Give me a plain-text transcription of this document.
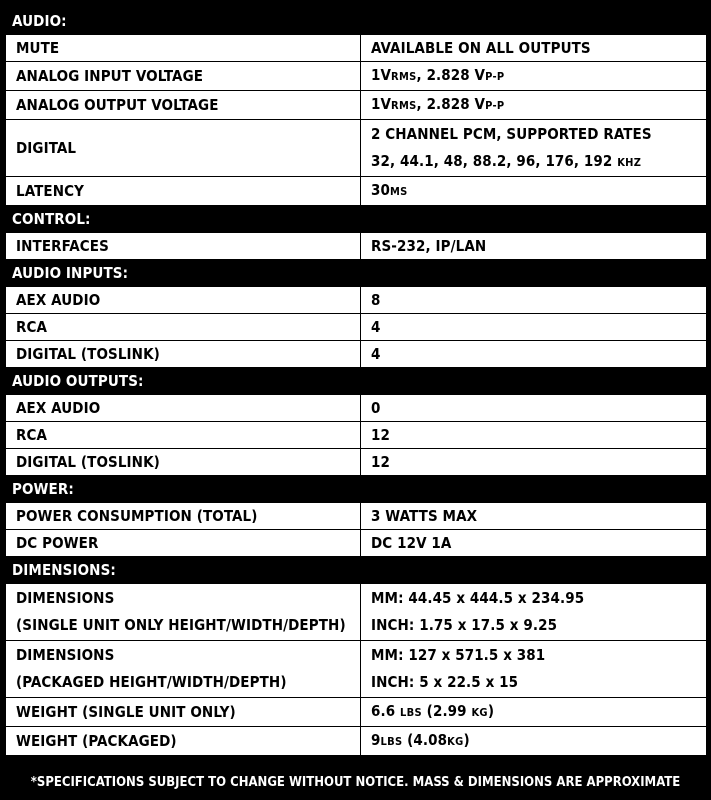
AUDIO:	
MUTE	AVAILABLE ON ALL OUTPUTS
ANALOG INPUT VOLTAGE	1VRMS, 2.828 VP-P
ANALOG OUTPUT VOLTAGE	1VRMS, 2.828 VP-P
DIGITAL	2 CHANNEL PCM, SUPPORTED RATES
32, 44.1, 48, 88.2, 96, 176, 192 KHZ
LATENCY	30MS
CONTROL:	
INTERFACES	RS-232, IP/LAN
AUDIO INPUTS:	
AEX AUDIO	8
RCA	4
DIGITAL (TOSLINK)	4
AUDIO OUTPUTS:	
AEX AUDIO	0
RCA	12
DIGITAL (TOSLINK)	12
POWER:	
POWER CONSUMPTION (TOTAL)	3 WATTS MAX
DC POWER	DC 12V 1A
DIMENSIONS:	
DIMENSIONS
(SINGLE UNIT ONLY HEIGHT/WIDTH/DEPTH)	MM: 44.45 x 444.5 x 234.95
INCH: 1.75 x 17.5 x 9.25
DIMENSIONS
(PACKAGED HEIGHT/WIDTH/DEPTH)	MM: 127 x 571.5 x 381
INCH: 5 x 22.5 x 15
WEIGHT (SINGLE UNIT ONLY)	6.6 LBS (2.99 KG)
WEIGHT (PACKAGED)	9LBS (4.08KG)
*SPECIFICATIONS SUBJECT TO CHANGE WITHOUT NOTICE. MASS & DIMENSIONS ARE APPROXIMATE
